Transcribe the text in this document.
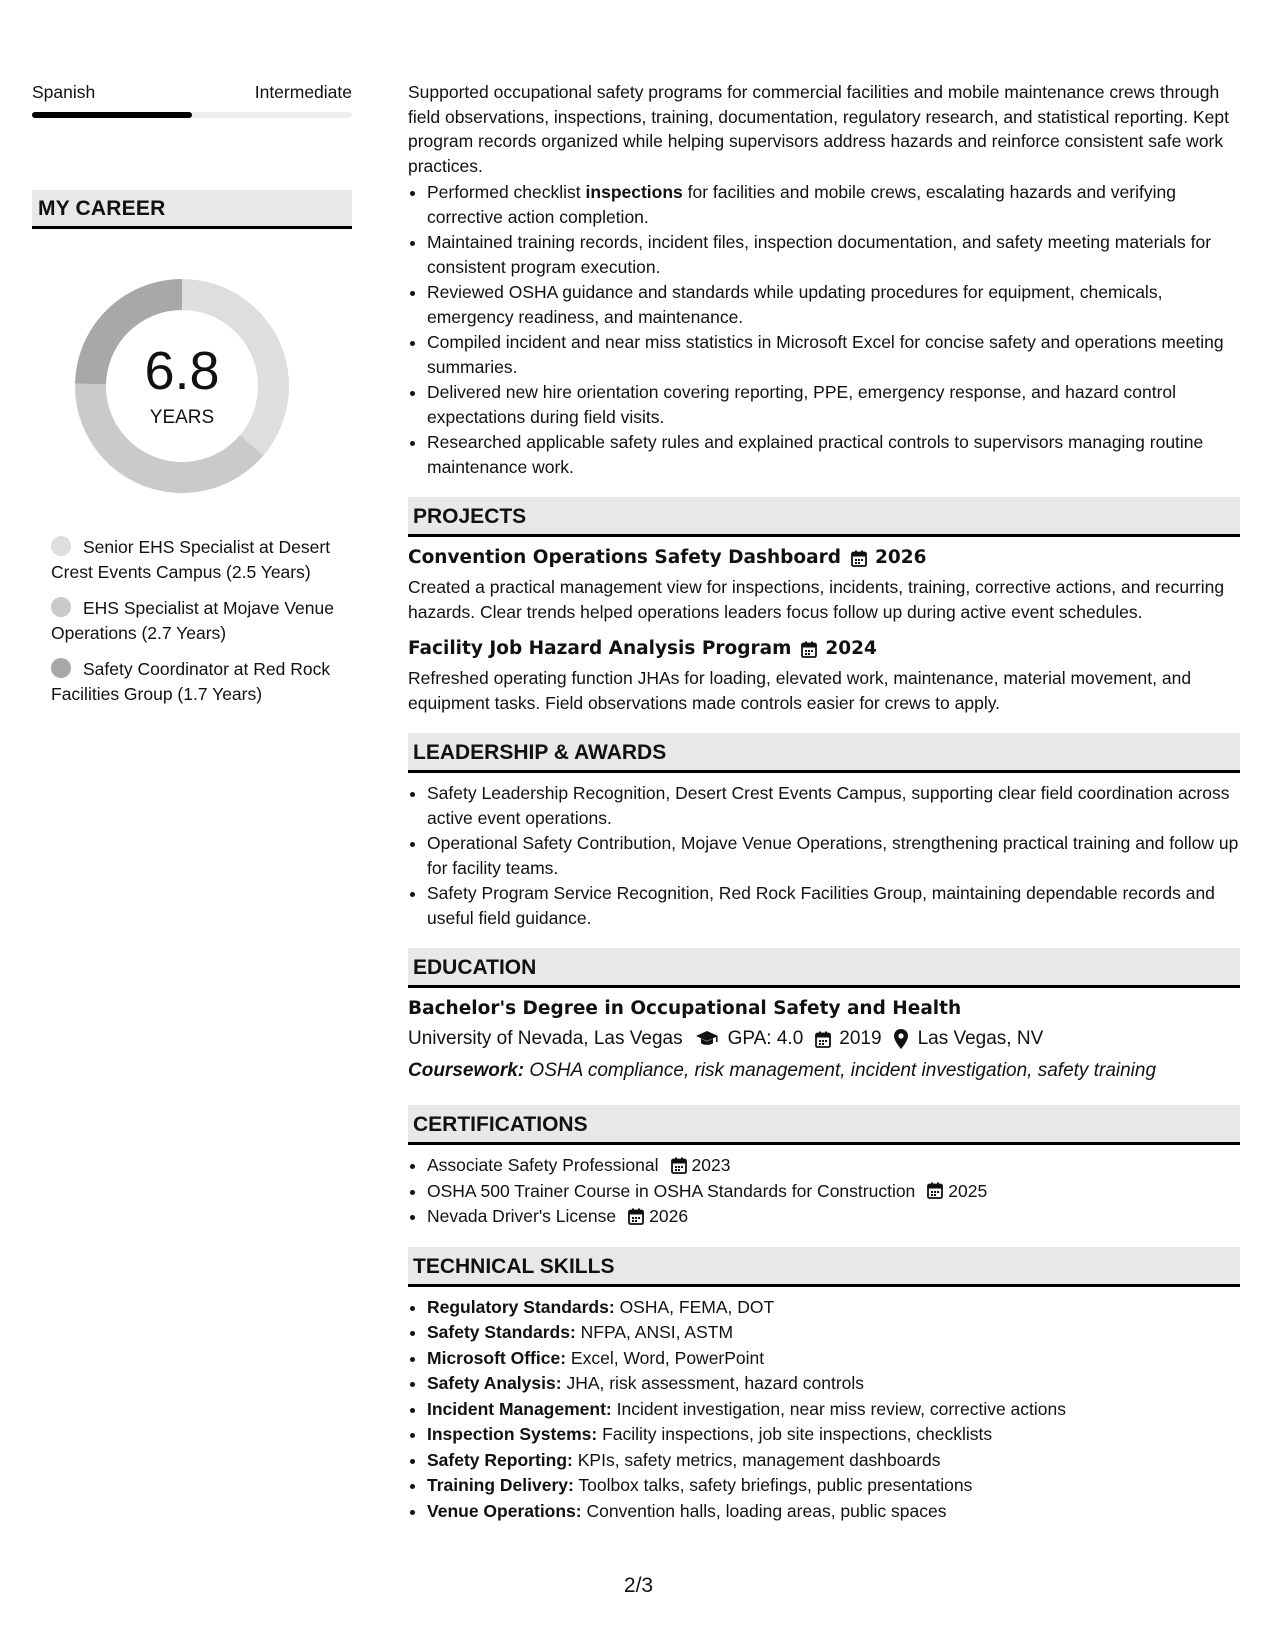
Spanish	Intermediate
MY CAREER
6.8
YEARS
Senior EHS Specialist at Desert Crest Events Campus (2.5 Years)
EHS Specialist at Mojave Venue Operations (2.7 Years)
Safety Coordinator at Red Rock Facilities Group (1.7 Years)

Supported occupational safety programs for commercial facilities and mobile maintenance crews through field observations, inspections, training, documentation, regulatory research, and statistical reporting. Kept program records organized while helping supervisors address hazards and reinforce consistent safe work practices.

• Performed checklist inspections for facilities and mobile crews, escalating hazards and verifying corrective action completion.
• Maintained training records, incident files, inspection documentation, and safety meeting materials for consistent program execution.
• Reviewed OSHA guidance and standards while updating procedures for equipment, chemicals, emergency readiness, and maintenance.
• Compiled incident and near miss statistics in Microsoft Excel for concise safety and operations meeting summaries.
• Delivered new hire orientation covering reporting, PPE, emergency response, and hazard control expectations during field visits.
• Researched applicable safety rules and explained practical controls to supervisors managing routine maintenance work.
PROJECTS
Convention Operations Safety Dashboard 2026

Created a practical management view for inspections, incidents, training, corrective actions, and recurring hazards. Clear trends helped operations leaders focus follow up during active event schedules.

Facility Job Hazard Analysis Program 2024

Refreshed operating function JHAs for loading, elevated work, maintenance, material movement, and equipment tasks. Field observations made controls easier for crews to apply.

LEADERSHIP & AWARDS
• Safety Leadership Recognition, Desert Crest Events Campus, supporting clear field coordination across active event operations.
• Operational Safety Contribution, Mojave Venue Operations, strengthening practical training and follow up for facility teams.
• Safety Program Service Recognition, Red Rock Facilities Group, maintaining dependable records and useful field guidance.
EDUCATION
Bachelor's Degree in Occupational Safety and Health
University of Nevada, Las Vegas GPA: 4.0 2019 Las Vegas, NV
Coursework: OSHA compliance, risk management, incident investigation, safety training
CERTIFICATIONS
• Associate Safety Professional 2023
• OSHA 500 Trainer Course in OSHA Standards for Construction 2025
• Nevada Driver's License 2026
TECHNICAL SKILLS
• Regulatory Standards: OSHA, FEMA, DOT
• Safety Standards: NFPA, ANSI, ASTM
• Microsoft Office: Excel, Word, PowerPoint
• Safety Analysis: JHA, risk assessment, hazard controls
• Incident Management: Incident investigation, near miss review, corrective actions
• Inspection Systems: Facility inspections, job site inspections, checklists
• Safety Reporting: KPIs, safety metrics, management dashboards
• Training Delivery: Toolbox talks, safety briefings, public presentations
• Venue Operations: Convention halls, loading areas, public spaces
2/3
